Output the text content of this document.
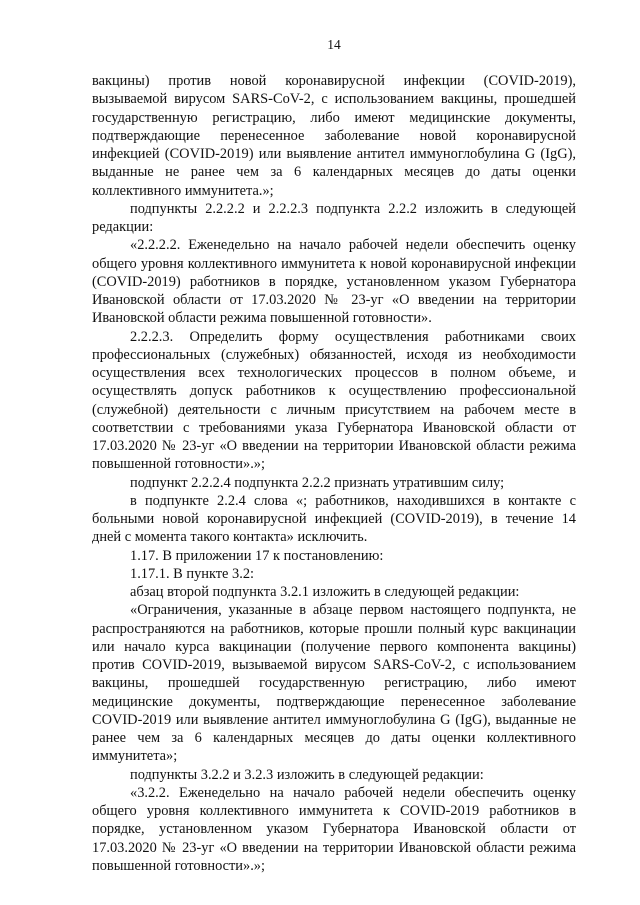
14

вакцины) против новой коронавирусной инфекции (COVID-2019), вызываемой вирусом SARS-CoV-2, с использованием вакцины, прошедшей государственную регистрацию, либо имеют медицинские документы, подтверждающие перенесенное заболевание новой коронавирусной инфекцией (COVID-2019) или выявление антител иммуноглобулина G (IgG), выданные не ранее чем за 6 календарных месяцев до даты оценки коллективного иммунитета.»;

подпункты 2.2.2.2 и 2.2.2.3 подпункта 2.2.2 изложить в следующей редакции:

«2.2.2.2. Еженедельно на начало рабочей недели обеспечить оценку общего уровня коллективного иммунитета к новой коронавирусной инфекции (COVID-2019) работников в порядке, установленном указом Губернатора Ивановской области от 17.03.2020 № 23-уг «О введении на территории Ивановской области режима повышенной готовности».

2.2.2.3. Определить форму осуществления работниками своих профессиональных (служебных) обязанностей, исходя из необходимости осуществления всех технологических процессов в полном объеме, и осуществлять допуск работников к осуществлению профессиональной (служебной) деятельности с личным присутствием на рабочем месте в соответствии с требованиями указа Губернатора Ивановской области от 17.03.2020 № 23-уг «О введении на территории Ивановской области режима повышенной готовности».»;

подпункт 2.2.2.4 подпункта 2.2.2 признать утратившим силу;

в подпункте 2.2.4 слова «; работников, находившихся в контакте с больными новой коронавирусной инфекцией (COVID-2019), в течение 14 дней с момента такого контакта» исключить.

1.17. В приложении 17 к постановлению:

1.17.1. В пункте 3.2:

абзац второй подпункта 3.2.1 изложить в следующей редакции:

«Ограничения, указанные в абзаце первом настоящего подпункта, не распространяются на работников, которые прошли полный курс вакцинации или начало курса вакцинации (получение первого компонента вакцины) против COVID-2019, вызываемой вирусом SARS-CoV-2, с использованием вакцины, прошедшей государственную регистрацию, либо имеют медицинские документы, подтверждающие перенесенное заболевание COVID-2019 или выявление антител иммуноглобулина G (IgG), выданные не ранее чем за 6 календарных месяцев до даты оценки коллективного иммунитета»;

подпункты 3.2.2 и 3.2.3 изложить в следующей редакции:

«3.2.2. Еженедельно на начало рабочей недели обеспечить оценку общего уровня коллективного иммунитета к COVID-2019 работников в порядке, установленном указом Губернатора Ивановской области от 17.03.2020 № 23-уг «О введении на территории Ивановской области режима повышенной готовности».»;
